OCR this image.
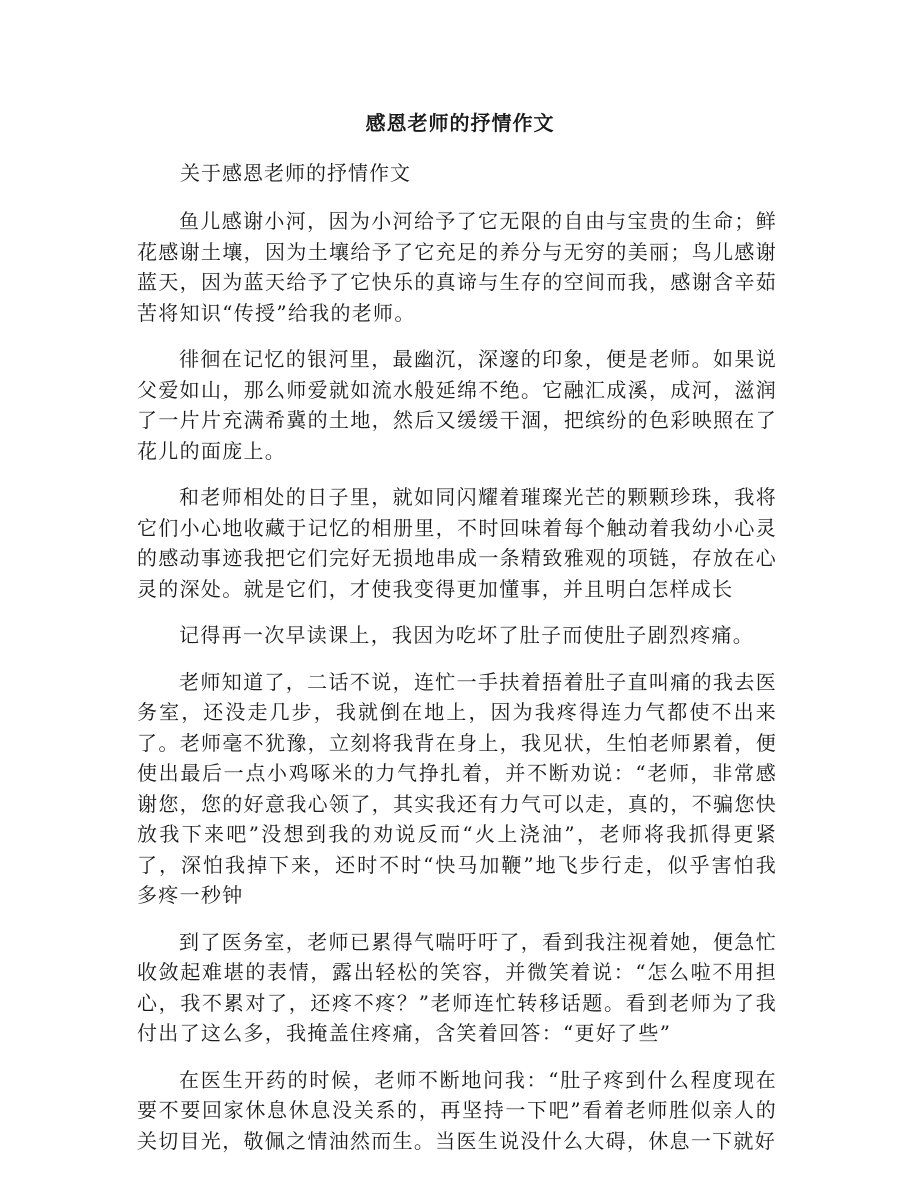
感恩老师的抒情作文
关于感恩老师的抒情作文

鱼儿感谢小河，因为小河给予了它无限的自由与宝贵的生命；鲜花感谢土壤，因为土壤给予了它充足的养分与无穷的美丽；鸟儿感谢蓝天，因为蓝天给予了它快乐的真谛与生存的空间而我，感谢含辛茹苦将知识“传授”给我的老师。

徘徊在记忆的银河里，最幽沉，深邃的印象，便是老师。如果说父爱如山，那么师爱就如流水般延绵不绝。它融汇成溪，成河，滋润了一片片充满希冀的土地，然后又缓缓干涸，把缤纷的色彩映照在了花儿的面庞上。

和老师相处的日子里，就如同闪耀着璀璨光芒的颗颗珍珠，我将它们小心地收藏于记忆的相册里，不时回味着每个触动着我幼小心灵的感动事迹我把它们完好无损地串成一条精致雅观的项链，存放在心灵的深处。就是它们，才使我变得更加懂事，并且明白怎样成长

记得再一次早读课上，我因为吃坏了肚子而使肚子剧烈疼痛。

老师知道了，二话不说，连忙一手扶着捂着肚子直叫痛的我去医务室，还没走几步，我就倒在地上，因为我疼得连力气都使不出来了。老师毫不犹豫，立刻将我背在身上，我见状，生怕老师累着，便使出最后一点小鸡啄米的力气挣扎着，并不断劝说：“老师，非常感谢您，您的好意我心领了，其实我还有力气可以走，真的，不骗您快放我下来吧”没想到我的劝说反而“火上浇油”，老师将我抓得更紧了，深怕我掉下来，还时不时“快马加鞭”地飞步行走，似乎害怕我多疼一秒钟

到了医务室，老师已累得气喘吁吁了，看到我注视着她，便急忙收敛起难堪的表情，露出轻松的笑容，并微笑着说：“怎么啦不用担心，我不累对了，还疼不疼？”老师连忙转移话题。看到老师为了我付出了这么多，我掩盖住疼痛，含笑着回答：“更好了些”

在医生开药的时候，老师不断地问我：“肚子疼到什么程度现在要不要回家休息休息没关系的，再坚持一下吧”看着老师胜似亲人的关切目光，敬佩之情油然而生。当医生说没什么大碍，休息一下就好
